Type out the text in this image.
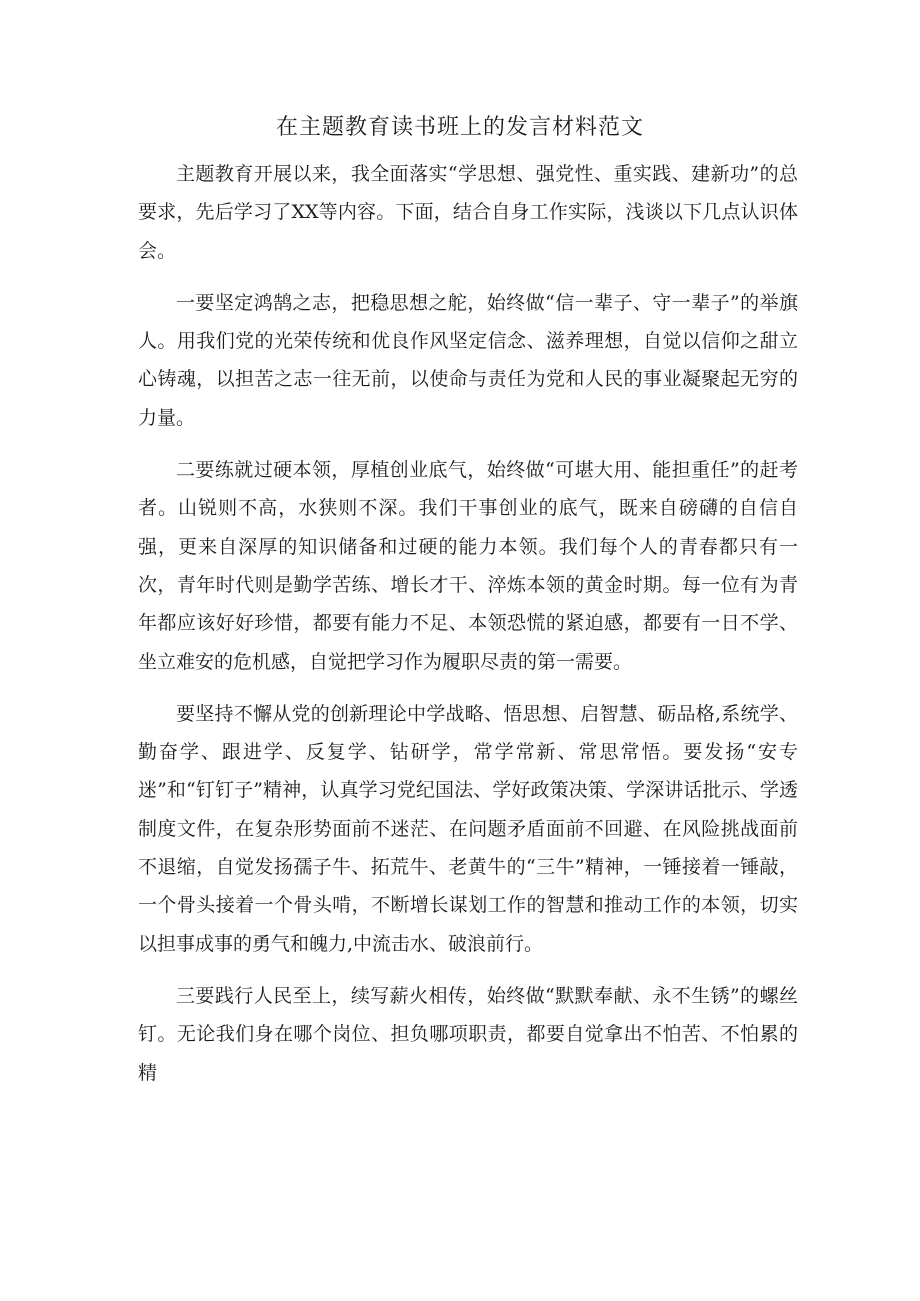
在主题教育读书班上的发言材料范文

主题教育开展以来，我全面落实“学思想、强党性、重实践、建新功”的总要求，先后学习了XX等内容。下面，结合自身工作实际，浅谈以下几点认识体会。

一要坚定鸿鹄之志，把稳思想之舵，始终做“信一辈子、守一辈子”的举旗人。用我们党的光荣传统和优良作风坚定信念、滋养理想，自觉以信仰之甜立心铸魂，以担苦之志一往无前，以使命与责任为党和人民的事业凝聚起无穷的力量。

二要练就过硬本领，厚植创业底气，始终做“可堪大用、能担重任”的赶考者。山锐则不高，水狭则不深。我们干事创业的底气，既来自磅礴的自信自强，更来自深厚的知识储备和过硬的能力本领。我们每个人的青春都只有一次，青年时代则是勤学苦练、增长才干、淬炼本领的黄金时期。每一位有为青年都应该好好珍惜，都要有能力不足、本领恐慌的紧迫感，都要有一日不学、坐立难安的危机感，自觉把学习作为履职尽责的第一需要。

要坚持不懈从党的创新理论中学战略、悟思想、启智慧、砺品格,系统学、勤奋学、跟进学、反复学、钻研学，常学常新、常思常悟。要发扬“安专迷”和“钉钉子”精神，认真学习党纪国法、学好政策决策、学深讲话批示、学透制度文件，在复杂形势面前不迷茫、在问题矛盾面前不回避、在风险挑战面前不退缩，自觉发扬孺子牛、拓荒牛、老黄牛的“三牛”精神，一锤接着一锤敲，一个骨头接着一个骨头啃，不断增长谋划工作的智慧和推动工作的本领，切实以担事成事的勇气和魄力,中流击水、破浪前行。

三要践行人民至上，续写薪火相传，始终做“默默奉献、永不生锈”的螺丝钉。无论我们身在哪个岗位、担负哪项职责，都要自觉拿出不怕苦、不怕累的精
